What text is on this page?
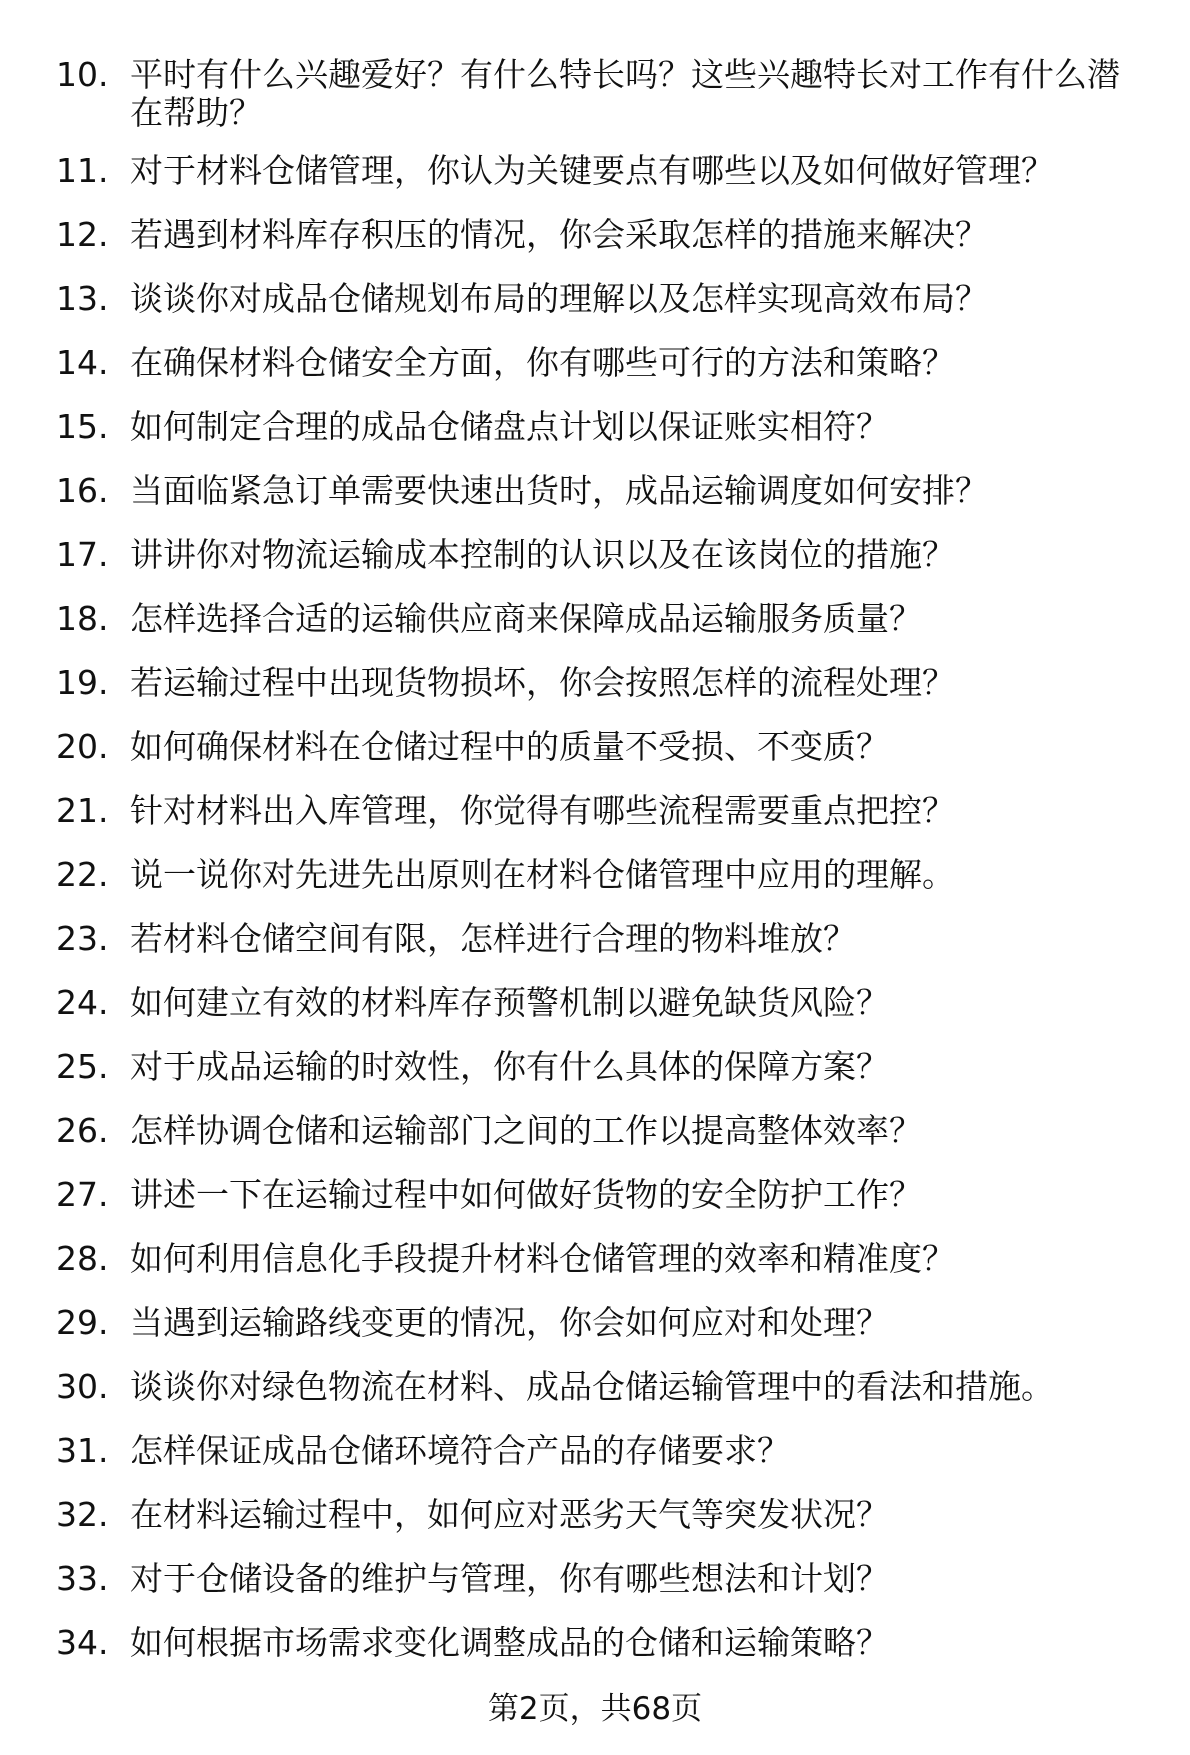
10. 平时有什么兴趣爱好？有什么特长吗？这些兴趣特长对工作有什么潜在帮助？
11. 对于材料仓储管理，你认为关键要点有哪些以及如何做好管理？
12. 若遇到材料库存积压的情况，你会采取怎样的措施来解决？
13. 谈谈你对成品仓储规划布局的理解以及怎样实现高效布局？
14. 在确保材料仓储安全方面，你有哪些可行的方法和策略？
15. 如何制定合理的成品仓储盘点计划以保证账实相符？
16. 当面临紧急订单需要快速出货时，成品运输调度如何安排？
17. 讲讲你对物流运输成本控制的认识以及在该岗位的措施？
18. 怎样选择合适的运输供应商来保障成品运输服务质量？
19. 若运输过程中出现货物损坏，你会按照怎样的流程处理？
20. 如何确保材料在仓储过程中的质量不受损、不变质？
21. 针对材料出入库管理，你觉得有哪些流程需要重点把控？
22. 说一说你对先进先出原则在材料仓储管理中应用的理解。
23. 若材料仓储空间有限，怎样进行合理的物料堆放？
24. 如何建立有效的材料库存预警机制以避免缺货风险？
25. 对于成品运输的时效性，你有什么具体的保障方案？
26. 怎样协调仓储和运输部门之间的工作以提高整体效率？
27. 讲述一下在运输过程中如何做好货物的安全防护工作？
28. 如何利用信息化手段提升材料仓储管理的效率和精准度？
29. 当遇到运输路线变更的情况，你会如何应对和处理？
30. 谈谈你对绿色物流在材料、成品仓储运输管理中的看法和措施。
31. 怎样保证成品仓储环境符合产品的存储要求？
32. 在材料运输过程中，如何应对恶劣天气等突发状况？
33. 对于仓储设备的维护与管理，你有哪些想法和计划？
34. 如何根据市场需求变化调整成品的仓储和运输策略？
第2页，共68页
